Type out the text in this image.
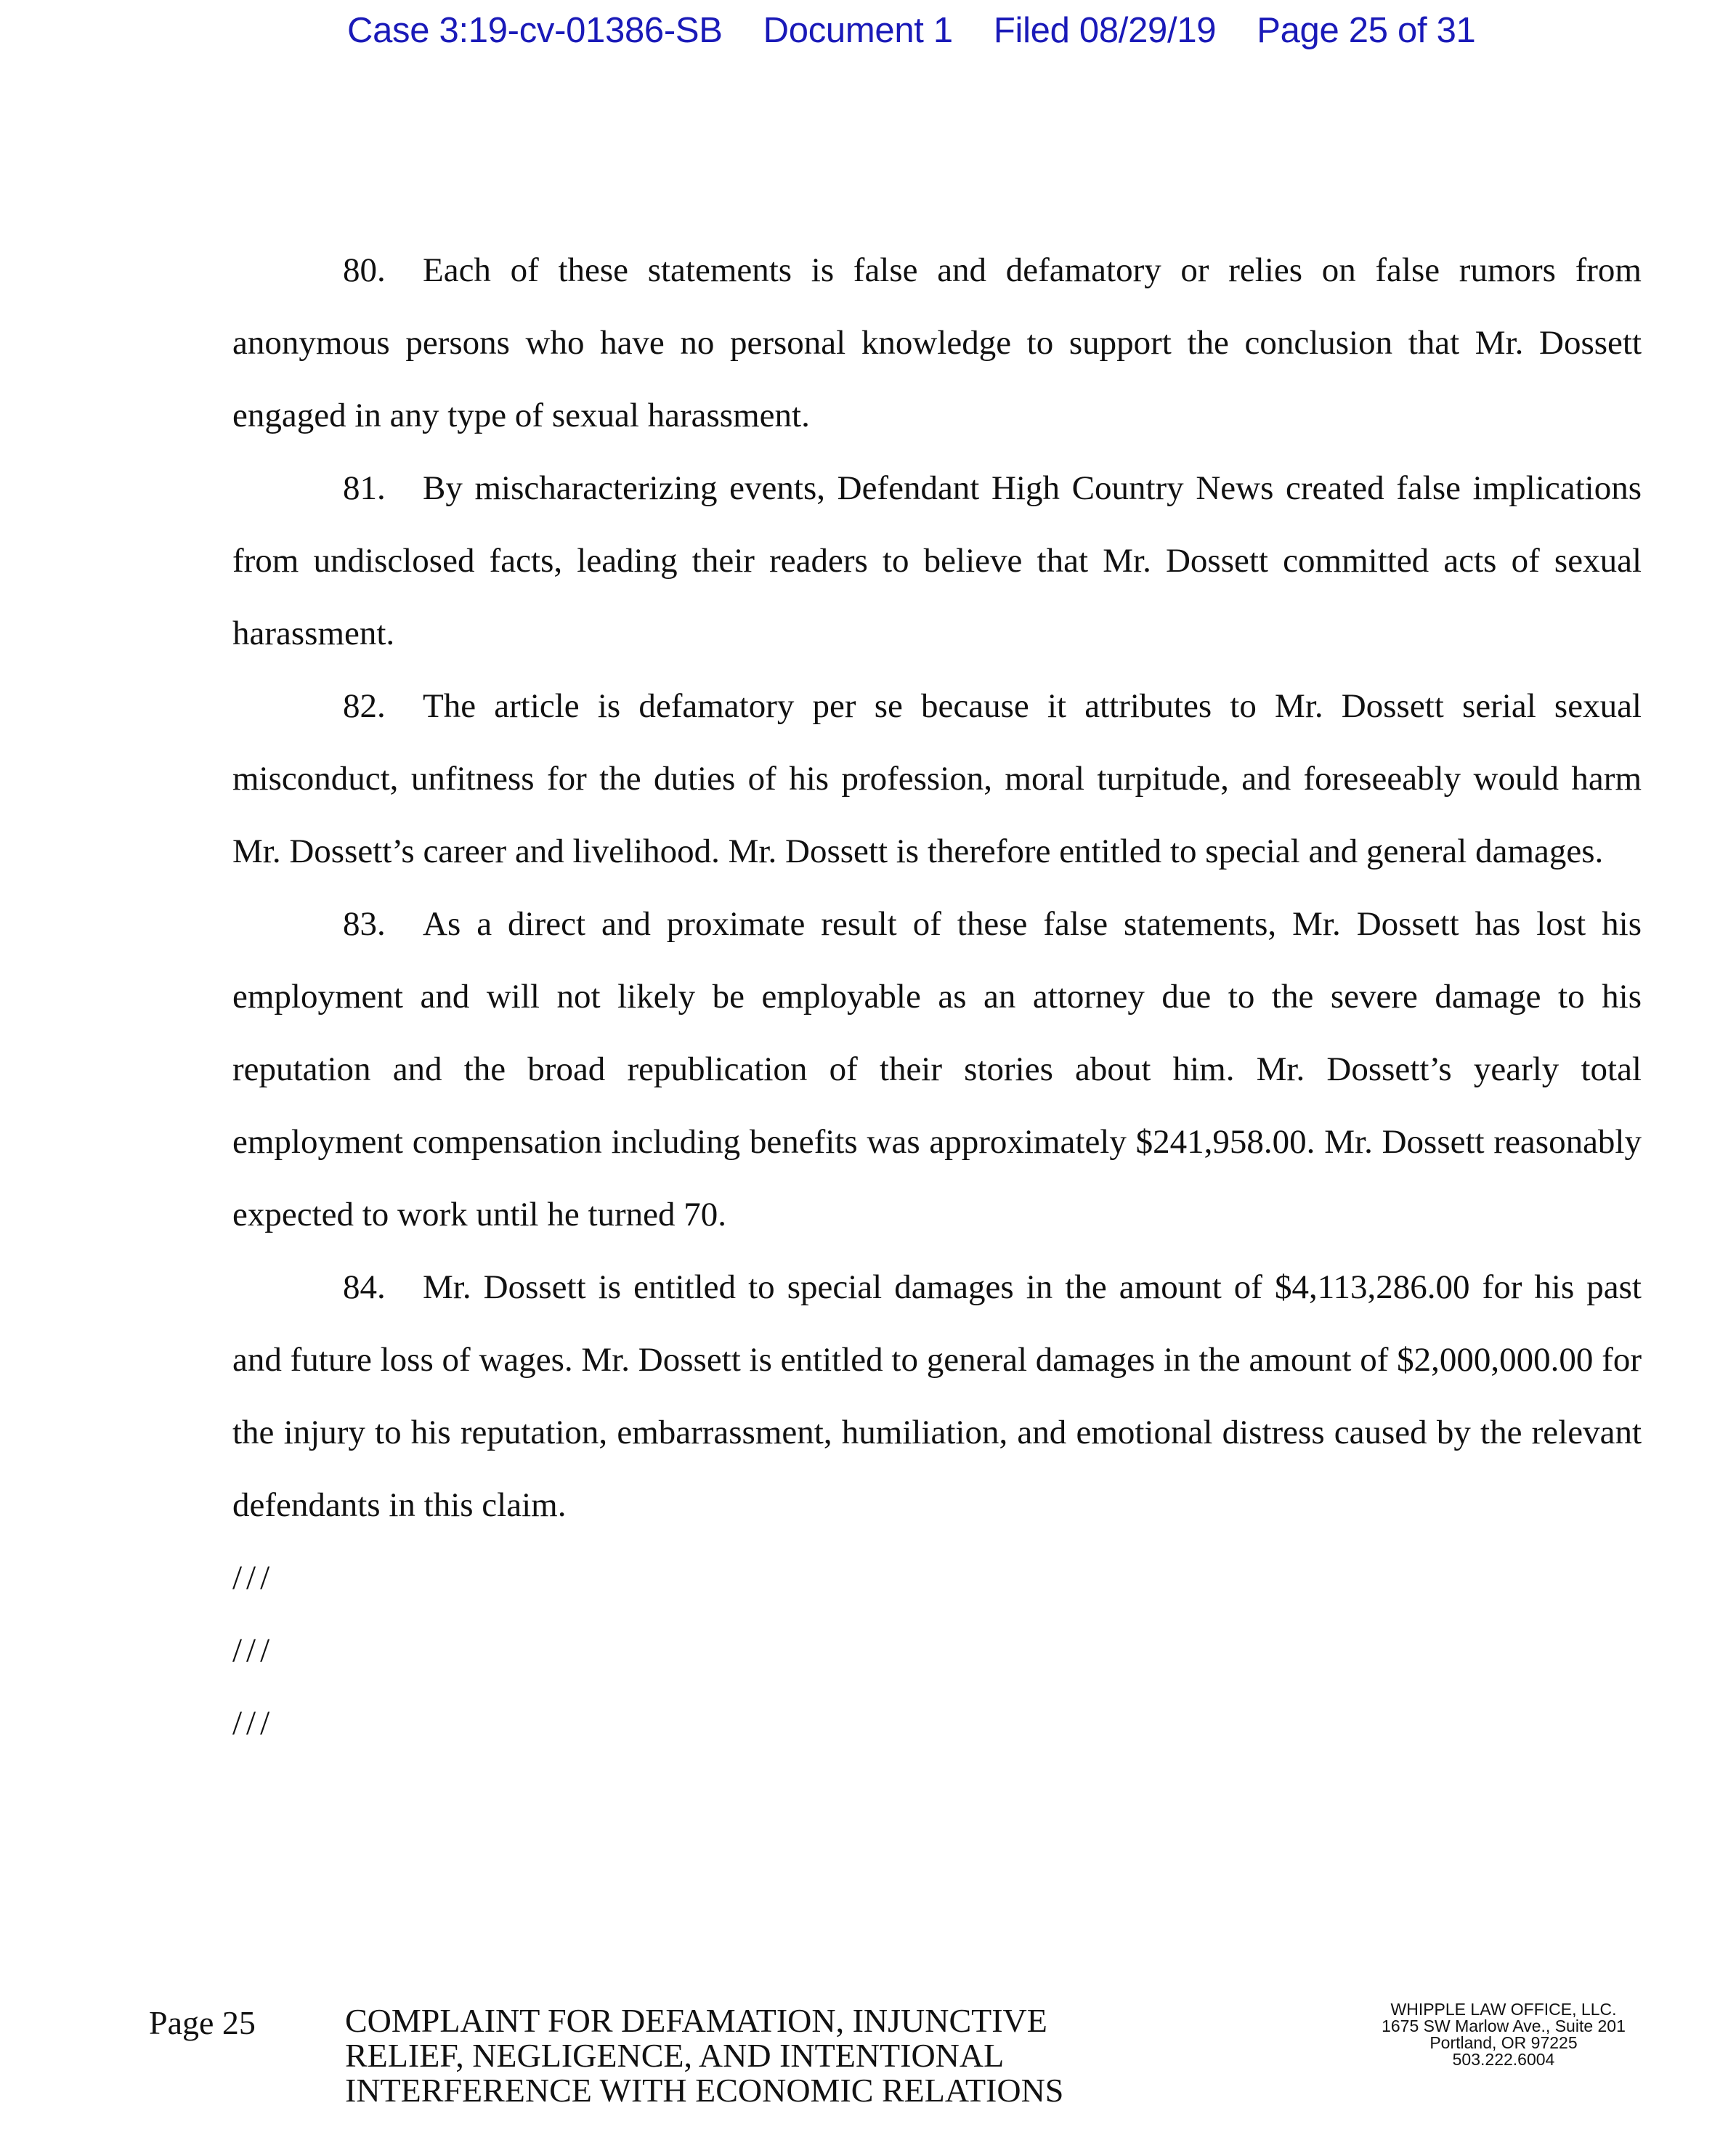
Case 3:19-cv-01386-SB Document 1 Filed 08/29/19 Page 25 of 31

80. Each of these statements is false and defamatory or relies on false rumors from anonymous persons who have no personal knowledge to support the conclusion that Mr. Dossett engaged in any type of sexual harassment.

81. By mischaracterizing events, Defendant High Country News created false implications from undisclosed facts, leading their readers to believe that Mr. Dossett committed acts of sexual harassment.

82. The article is defamatory per se because it attributes to Mr. Dossett serial sexual misconduct, unfitness for the duties of his profession, moral turpitude, and foreseeably would harm Mr. Dossett’s career and livelihood. Mr. Dossett is therefore entitled to special and general damages.

83. As a direct and proximate result of these false statements, Mr. Dossett has lost his employment and will not likely be employable as an attorney due to the severe damage to his reputation and the broad republication of their stories about him. Mr. Dossett’s yearly total employment compensation including benefits was approximately $241,958.00. Mr. Dossett reasonably expected to work until he turned 70.

84. Mr. Dossett is entitled to special damages in the amount of $4,113,286.00 for his past and future loss of wages. Mr. Dossett is entitled to general damages in the amount of $2,000,000.00 for the injury to his reputation, embarrassment, humiliation, and emotional distress caused by the relevant defendants in this claim.

///

///

///

Page 25	COMPLAINT FOR DEFAMATION, INJUNCTIVE
RELIEF, NEGLIGENCE, AND INTENTIONAL
INTERFERENCE WITH ECONOMIC RELATIONS
WHIPPLE LAW OFFICE, LLC.
1675 SW Marlow Ave., Suite 201
Portland, OR 97225
503.222.6004
